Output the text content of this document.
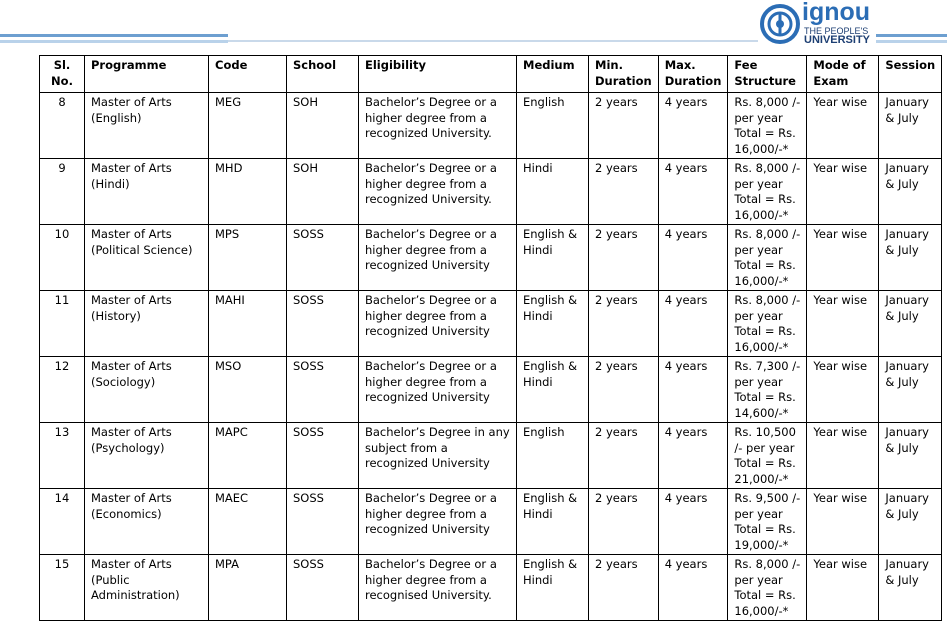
ignou
THE PEOPLE'S
UNIVERSITY
Sl. No.	Programme	Code	School	Eligibility	Medium	Min. Duration	Max. Duration	Fee Structure	Mode of Exam	Session
8	Master of Arts (English)	MEG	SOH	Bachelor’s Degree or a higher degree from a recognized University.	English	2 years	4 years	Rs. 8,000 /- per year Total = Rs. 16,000/-*	Year wise	January & July
9	Master of Arts (Hindi)	MHD	SOH	Bachelor’s Degree or a higher degree from a recognized University.	Hindi	2 years	4 years	Rs. 8,000 /- per year Total = Rs. 16,000/-*	Year wise	January & July
10	Master of Arts (Political Science)	MPS	SOSS	Bachelor’s Degree or a higher degree from a recognized University	English & Hindi	2 years	4 years	Rs. 8,000 /- per year Total = Rs. 16,000/-*	Year wise	January & July
11	Master of Arts (History)	MAHI	SOSS	Bachelor’s Degree or a higher degree from a recognized University	English & Hindi	2 years	4 years	Rs. 8,000 /- per year Total = Rs. 16,000/-*	Year wise	January & July
12	Master of Arts (Sociology)	MSO	SOSS	Bachelor’s Degree or a higher degree from a recognized University	English & Hindi	2 years	4 years	Rs. 7,300 /- per year Total = Rs. 14,600/-*	Year wise	January & July
13	Master of Arts (Psychology)	MAPC	SOSS	Bachelor’s Degree in any subject from a recognized University	English	2 years	4 years	Rs. 10,500 /- per year Total = Rs. 21,000/-*	Year wise	January & July
14	Master of Arts (Economics)	MAEC	SOSS	Bachelor’s Degree or a higher degree from a recognized University	English & Hindi	2 years	4 years	Rs. 9,500 /- per year Total = Rs. 19,000/-*	Year wise	January & July
15	Master of Arts (Public Administration)	MPA	SOSS	Bachelor’s Degree or a higher degree from a recognised University.	English & Hindi	2 years	4 years	Rs. 8,000 /- per year Total = Rs. 16,000/-*	Year wise	January & July
